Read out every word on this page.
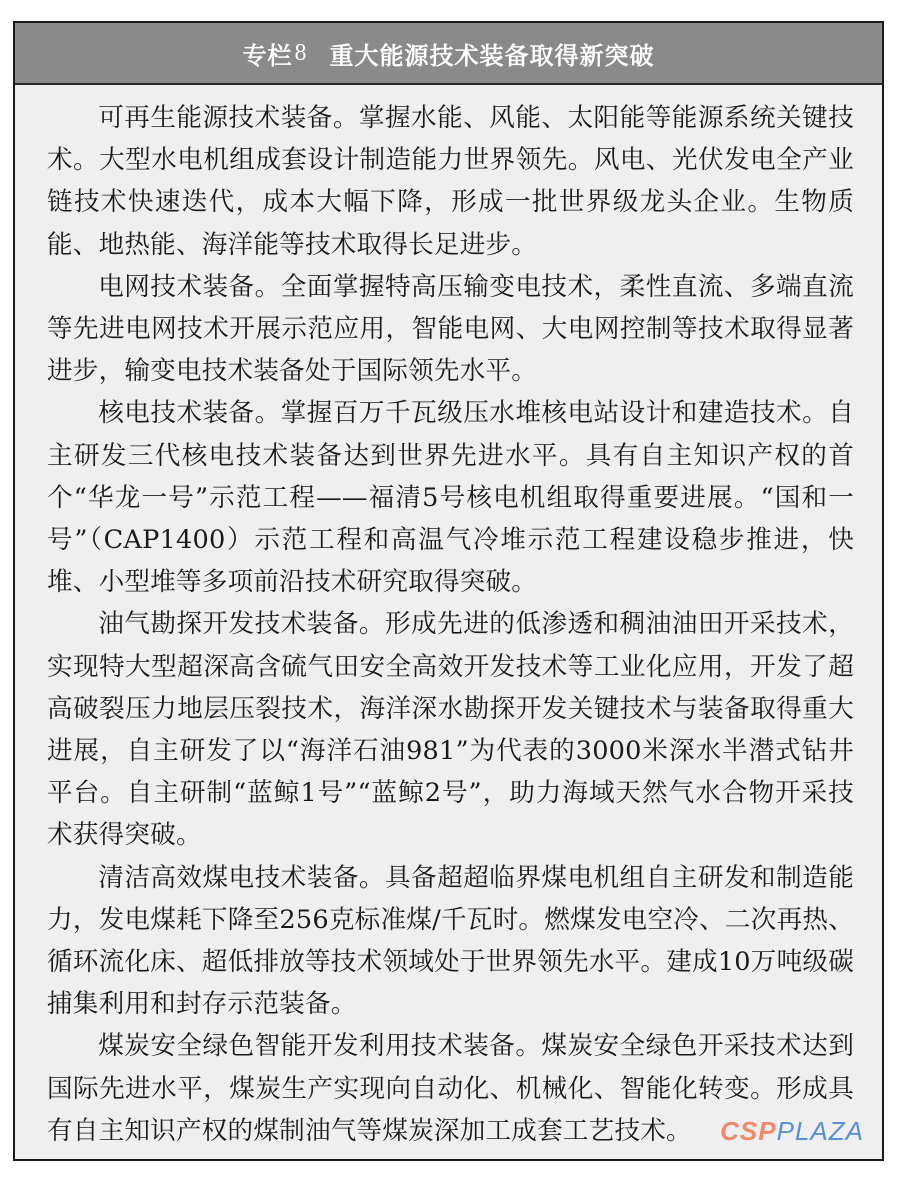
专栏 8 重大能源技术装备取得新突破

可再生能源技术装备。掌握水能、风能、太阳能等能源系统关键技术。大型水电机组成套设计制造能力世界领先。风电、光伏发电全产业链技术快速迭代，成本大幅下降，形成一批世界级龙头企业。生物质能、地热能、海洋能等技术取得长足进步。

电网技术装备。全面掌握特高压输变电技术，柔性直流、多端直流等先进电网技术开展示范应用，智能电网、大电网控制等技术取得显著进步，输变电技术装备处于国际领先水平。

核电技术装备。掌握百万千瓦级压水堆核电站设计和建造技术。自主研发三代核电技术装备达到世界先进水平。具有自主知识产权的首个“华龙一号”示范工程——福清5号核电机组取得重要进展。“国和一号”（CAP1400）示范工程和高温气冷堆示范工程建设稳步推进，快堆、小型堆等多项前沿技术研究取得突破。

油气勘探开发技术装备。形成先进的低渗透和稠油油田开采技术，实现特大型超深高含硫气田安全高效开发技术等工业化应用，开发了超高破裂压力地层压裂技术，海洋深水勘探开发关键技术与装备取得重大进展，自主研发了以“海洋石油981”为代表的3000米深水半潜式钻井平台。自主研制“蓝鲸1号”“蓝鲸2号”，助力海域天然气水合物开采技术获得突破。

清洁高效煤电技术装备。具备超超临界煤电机组自主研发和制造能力，发电煤耗下降至256克标准煤/千瓦时。燃煤发电空冷、二次再热、循环流化床、超低排放等技术领域处于世界领先水平。建成10万吨级碳捕集利用和封存示范装备。

煤炭安全绿色智能开发利用技术装备。煤炭安全绿色开采技术达到国际先进水平，煤炭生产实现向自动化、机械化、智能化转变。形成具有自主知识产权的煤制油气等煤炭深加工成套工艺技术。	CSPPLAZA
